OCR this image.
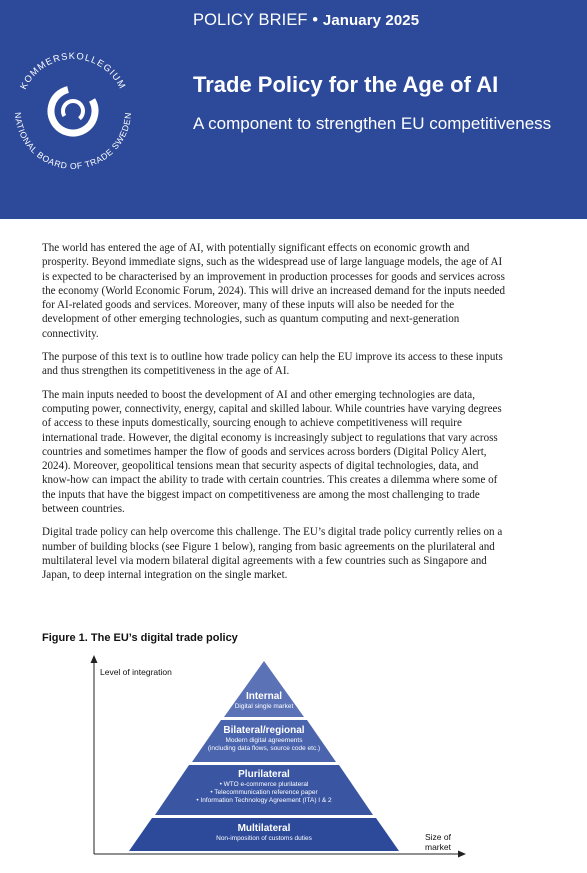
POLICY BRIEF • January 2025
KOMMERSKOLLEGIUM
NATIONAL BOARD OF TRADE SWEDEN
Trade Policy for the Age of AI
A component to strengthen EU competitiveness

The world has entered the age of AI, with potentially significant effects on economic growth and prosperity. Beyond immediate signs, such as the widespread use of large language models, the age of AI is expected to be characterised by an improvement in production processes for goods and services across the economy (World Economic Forum, 2024). This will drive an increased demand for the inputs needed for AI-related goods and services. Moreover, many of these inputs will also be needed for the development of other emerging technologies, such as quantum computing and next-generation connectivity.

The purpose of this text is to outline how trade policy can help the EU improve its access to these inputs and thus strengthen its competitiveness in the age of AI.

The main inputs needed to boost the development of AI and other emerging technologies are data, computing power, connectivity, energy, capital and skilled labour. While countries have varying degrees of access to these inputs domestically, sourcing enough to achieve competitiveness will require international trade. However, the digital economy is increasingly subject to regulations that vary across countries and sometimes hamper the flow of goods and services across borders (Digital Policy Alert, 2024). Moreover, geopolitical tensions mean that security aspects of digital technologies, data, and know-how can impact the ability to trade with certain countries. This creates a dilemma where some of the inputs that have the biggest impact on competitiveness are among the most challenging to trade between countries.

Digital trade policy can help overcome this challenge. The EU’s digital trade policy currently relies on a number of building blocks (see Figure 1 below), ranging from basic agreements on the plurilateral and multilateral level via modern bilateral digital agreements with a few countries such as Singapore and Japan, to deep internal integration on the single market.

Figure 1. The EU’s digital trade policy
Level of integration
Size of market
Internal
Digital single market
Bilateral/regional
Modern digital agreements
(including data flows, source code etc.)
Plurilateral
• WTO e-commerce plurilateral
• Telecommunication reference paper
• Information Technology Agreement (ITA) I & 2
Multilateral
Non-imposition of customs duties
